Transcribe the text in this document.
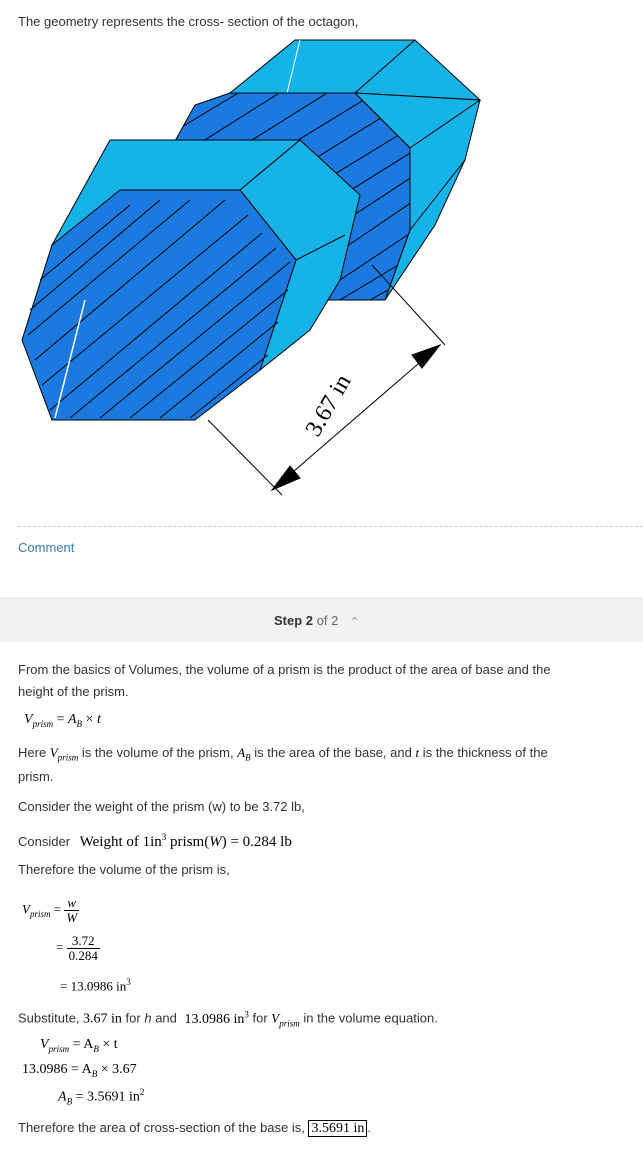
The geometry represents the cross- section of the octagon,
3.67 in
Comment
Step 2 of 2 ⌃
From the basics of Volumes, the volume of a prism is the product of the area of base and the
height of the prism.
$V_{prism} = A_B \times t$
Here $V_{prism}$ is the volume of the prism, $A_B$ is the area of the base, and t is the thickness of the
prism.
Consider the weight of the prism (w) to be 3.72 lb,
Consider Weight of $1in^3$ prism(W) = 0.284 lb
Therefore the volume of the prism is,
$V_{prism} = \frac{w}{W}$
= $\frac{3.72}{0.284}$
= 13.0986 $in^3$
Substitute, 3.67 in for h and 13.0986 $in^3$ for $V_{prism}$ in the volume equation.
$V_{prism} = A_B \times t$
$13.0986 = A_B \times 3.67$
$A_B = 3.5691$ $in^2$
Therefore the area of cross-section of the base is, 3.5691 in .
